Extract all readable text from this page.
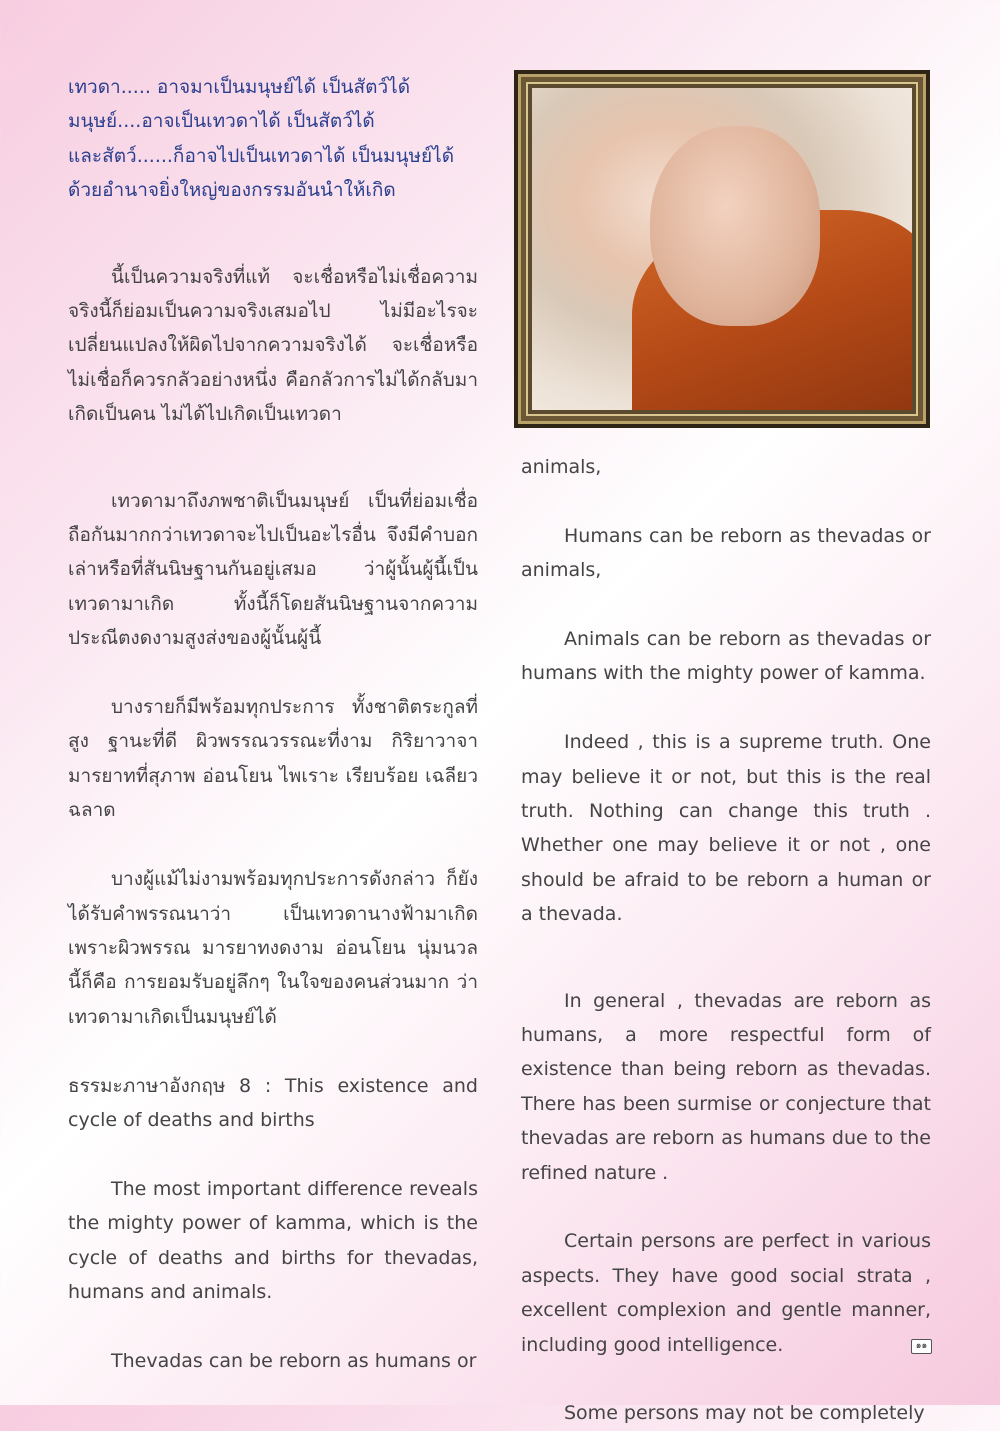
เทวดา..... อาจมาเป็นมนุษย์ได้ เป็นสัตว์ได้
มนุษย์....อาจเป็นเทวดาได้ เป็นสัตว์ได้
และสัตว์......ก็อาจไปเป็นเทวดาได้ เป็นมนุษย์ได้
ด้วยอำนาจยิ่งใหญ่ของกรรมอันนำให้เกิด

นี้เป็นความจริงที่แท้ จะเชื่อหรือไม่เชื่อความจริงนี้ก็ย่อมเป็นความจริงเสมอไป ไม่มีอะไรจะเปลี่ยนแปลงให้ผิดไปจากความจริงได้ จะเชื่อหรือไม่เชื่อก็ควรกลัวอย่างหนึ่ง คือกลัวการไม่ได้กลับมาเกิดเป็นคน ไม่ได้ไปเกิดเป็นเทวดา

เทวดามาถึงภพชาติเป็นมนุษย์ เป็นที่ย่อมเชื่อถือกันมากกว่าเทวดาจะไปเป็นอะไรอื่น จึงมีคำบอกเล่าหรือที่สันนิษฐานกันอยู่เสมอ ว่าผู้นั้นผู้นี้เป็นเทวดามาเกิด ทั้งนี้ก็โดยสันนิษฐานจากความประณีตงดงามสูงส่งของผู้นั้นผู้นี้

บางรายก็มีพร้อมทุกประการ ทั้งชาติตระกูลที่สูง ฐานะที่ดี ผิวพรรณวรรณะที่งาม กิริยาวาจามารยาทที่สุภาพ อ่อนโยน ไพเราะ เรียบร้อย เฉลียวฉลาด

บางผู้แม้ไม่งามพร้อมทุกประการดังกล่าว ก็ยังได้รับคำพรรณนาว่า เป็นเทวดานางฟ้ามาเกิด เพราะผิวพรรณ มารยาทงดงาม อ่อนโยน นุ่มนวล นี้ก็คือ การยอมรับอยู่ลึกๆ ในใจของคนส่วนมาก ว่าเทวดามาเกิดเป็นมนุษย์ได้

ธรรมะภาษาอังกฤษ 8 : This existence and cycle of deaths and births

The most important difference reveals the mighty power of kamma, which is the cycle of deaths and births for thevadas, humans and animals.

Thevadas can be reborn as humans or

animals,

Humans can be reborn as thevadas or animals,

Animals can be reborn as thevadas or humans with the mighty power of kamma.

Indeed , this is a supreme truth. One may believe it or not, but this is the real truth. Nothing can change this truth . Whether one may believe it or not , one should be afraid to be reborn a human or a thevada.

In general , thevadas are reborn as humans, a more respectful form of existence than being reborn as thevadas. There has been surmise or conjecture that thevadas are reborn as humans due to the refined nature .

Certain persons are perfect in various aspects. They have good social strata , excellent complexion and gentle manner, including good intelligence.

Some persons may not be completely

๑๑
